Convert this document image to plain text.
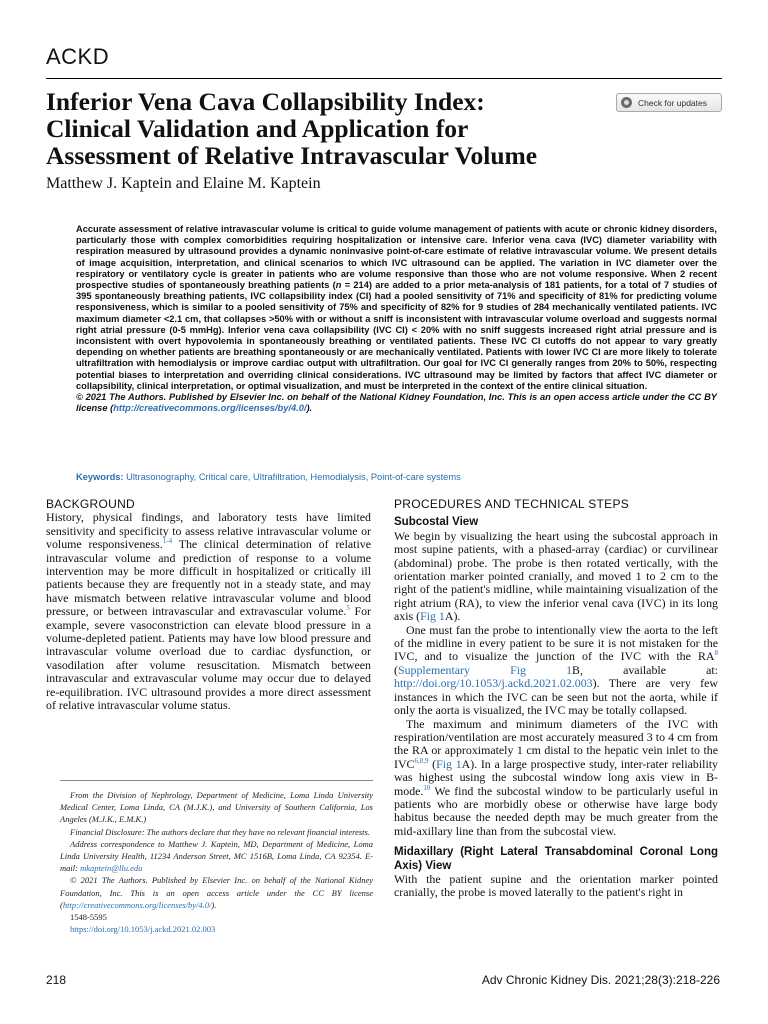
ACKD
Inferior Vena Cava Collapsibility Index:
Clinical Validation and Application for
Assessment of Relative Intravascular Volume
Check for updates
Matthew J. Kaptein and Elaine M. Kaptein

Accurate assessment of relative intravascular volume is critical to guide volume management of patients with acute or chronic kidney disorders, particularly those with complex comorbidities requiring hospitalization or intensive care. Inferior vena cava (IVC) diameter variability with respiration measured by ultrasound provides a dynamic noninvasive point-of-care estimate of relative intravascular volume. We present details of image acquisition, interpretation, and clinical scenarios to which IVC ultrasound can be applied. The variation in IVC diameter over the respiratory or ventilatory cycle is greater in patients who are volume responsive than those who are not volume responsive. When 2 recent prospective studies of spontaneously breathing patients (n = 214) are added to a prior meta-analysis of 181 patients, for a total of 7 studies of 395 spontaneously breathing patients, IVC collapsibility index (CI) had a pooled sensitivity of 71% and specificity of 81% for predicting volume responsiveness, which is similar to a pooled sensitivity of 75% and specificity of 82% for 9 studies of 284 mechanically ventilated patients. IVC maximum diameter <2.1 cm, that collapses >50% with or without a sniff is inconsistent with intravascular volume overload and suggests normal right atrial pressure (0-5 mmHg). Inferior vena cava collapsibility (IVC CI) < 20% with no sniff suggests increased right atrial pressure and is inconsistent with overt hypovolemia in spontaneously breathing or ventilated patients. These IVC CI cutoffs do not appear to vary greatly depending on whether patients are breathing spontaneously or are mechanically ventilated. Patients with lower IVC CI are more likely to tolerate ultrafiltration with hemodialysis or improve cardiac output with ultrafiltration. Our goal for IVC CI generally ranges from 20% to 50%, respecting potential biases to interpretation and overriding clinical considerations. IVC ultrasound may be limited by factors that affect IVC diameter or collapsibility, clinical interpretation, or optimal visualization, and must be interpreted in the context of the entire clinical situation.
© 2021 The Authors. Published by Elsevier Inc. on behalf of the National Kidney Foundation, Inc. This is an open access article under the CC BY license (http://creativecommons.org/licenses/by/4.0/).

Keywords: Ultrasonography, Critical care, Ultrafiltration, Hemodialysis, Point-of-care systems
BACKGROUND

History, physical findings, and laboratory tests have limited sensitivity and specificity to assess relative intravascular volume or volume responsiveness.$^{1-4}$ The clinical determination of relative intravascular volume and prediction of response to a volume intervention may be more difficult in hospitalized or critically ill patients because they are frequently not in a steady state, and may have mismatch between relative intravascular volume and blood pressure, or between intravascular and extravascular volume.$^5$ For example, severe vasoconstriction can elevate blood pressure in a volume-depleted patient. Patients may have low blood pressure and intravascular volume overload due to cardiac dysfunction, or vasodilation after volume resuscitation. Mismatch between intravascular and extravascular volume may occur due to delayed re-equilibration. IVC ultrasound provides a more direct assessment of relative intravascular volume status.

From the Division of Nephrology, Department of Medicine, Loma Linda University Medical Center, Loma Linda, CA (M.J.K.), and University of Southern California, Los Angeles (M.J.K., E.M.K.)

Financial Disclosure: The authors declare that they have no relevant financial interests.

Address correspondence to Matthew J. Kaptein, MD, Department of Medicine, Loma Linda University Health, 11234 Anderson Street, MC 1516B, Loma Linda, CA 92354. E-mail: mkaptein@llu.edu

© 2021 The Authors. Published by Elsevier Inc. on behalf of the National Kidney Foundation, Inc. This is an open access article under the CC BY license (http://creativecommons.org/licenses/by/4.0/).

1548-5595

https://doi.org/10.1053/j.ackd.2021.02.003

PROCEDURES AND TECHNICAL STEPS
Subcostal View

We begin by visualizing the heart using the subcostal approach in most supine patients, with a phased-array (cardiac) or curvilinear (abdominal) probe. The probe is then rotated vertically, with the orientation marker pointed cranially, and moved 1 to 2 cm to the right of the patient's midline, while maintaining visualization of the right atrium (RA), to view the inferior venal cava (IVC) in its long axis (Fig 1A).

One must fan the probe to intentionally view the aorta to the left of the midline in every patient to be sure it is not mistaken for the IVC, and to visualize the junction of the IVC with the $RA^8$ (Supplementary Fig 1B, available at: http://doi.org/10.1053/j.ackd.2021.02.003). There are very few instances in which the IVC can be seen but not the aorta, while if only the aorta is visualized, the IVC may be totally collapsed.

The maximum and minimum diameters of the IVC with respiration/ventilation are most accurately measured 3 to 4 cm from the RA or approximately 1 cm distal to the hepatic vein inlet to the IVC$^{6,8,9}$ (Fig 1A). In a large prospective study, inter-rater reliability was highest using the subcostal window long axis view in B-mode.$^{10}$ We find the subcostal window to be particularly useful in patients who are morbidly obese or otherwise have large body habitus because the needed depth may be much greater from the mid-axillary line than from the subcostal view.

Midaxillary (Right Lateral Transabdominal Coronal Long Axis) View

With the patient supine and the orientation marker pointed cranially, the probe is moved laterally to the patient's right in

218	Adv Chronic Kidney Dis. 2021;28(3):218-226
